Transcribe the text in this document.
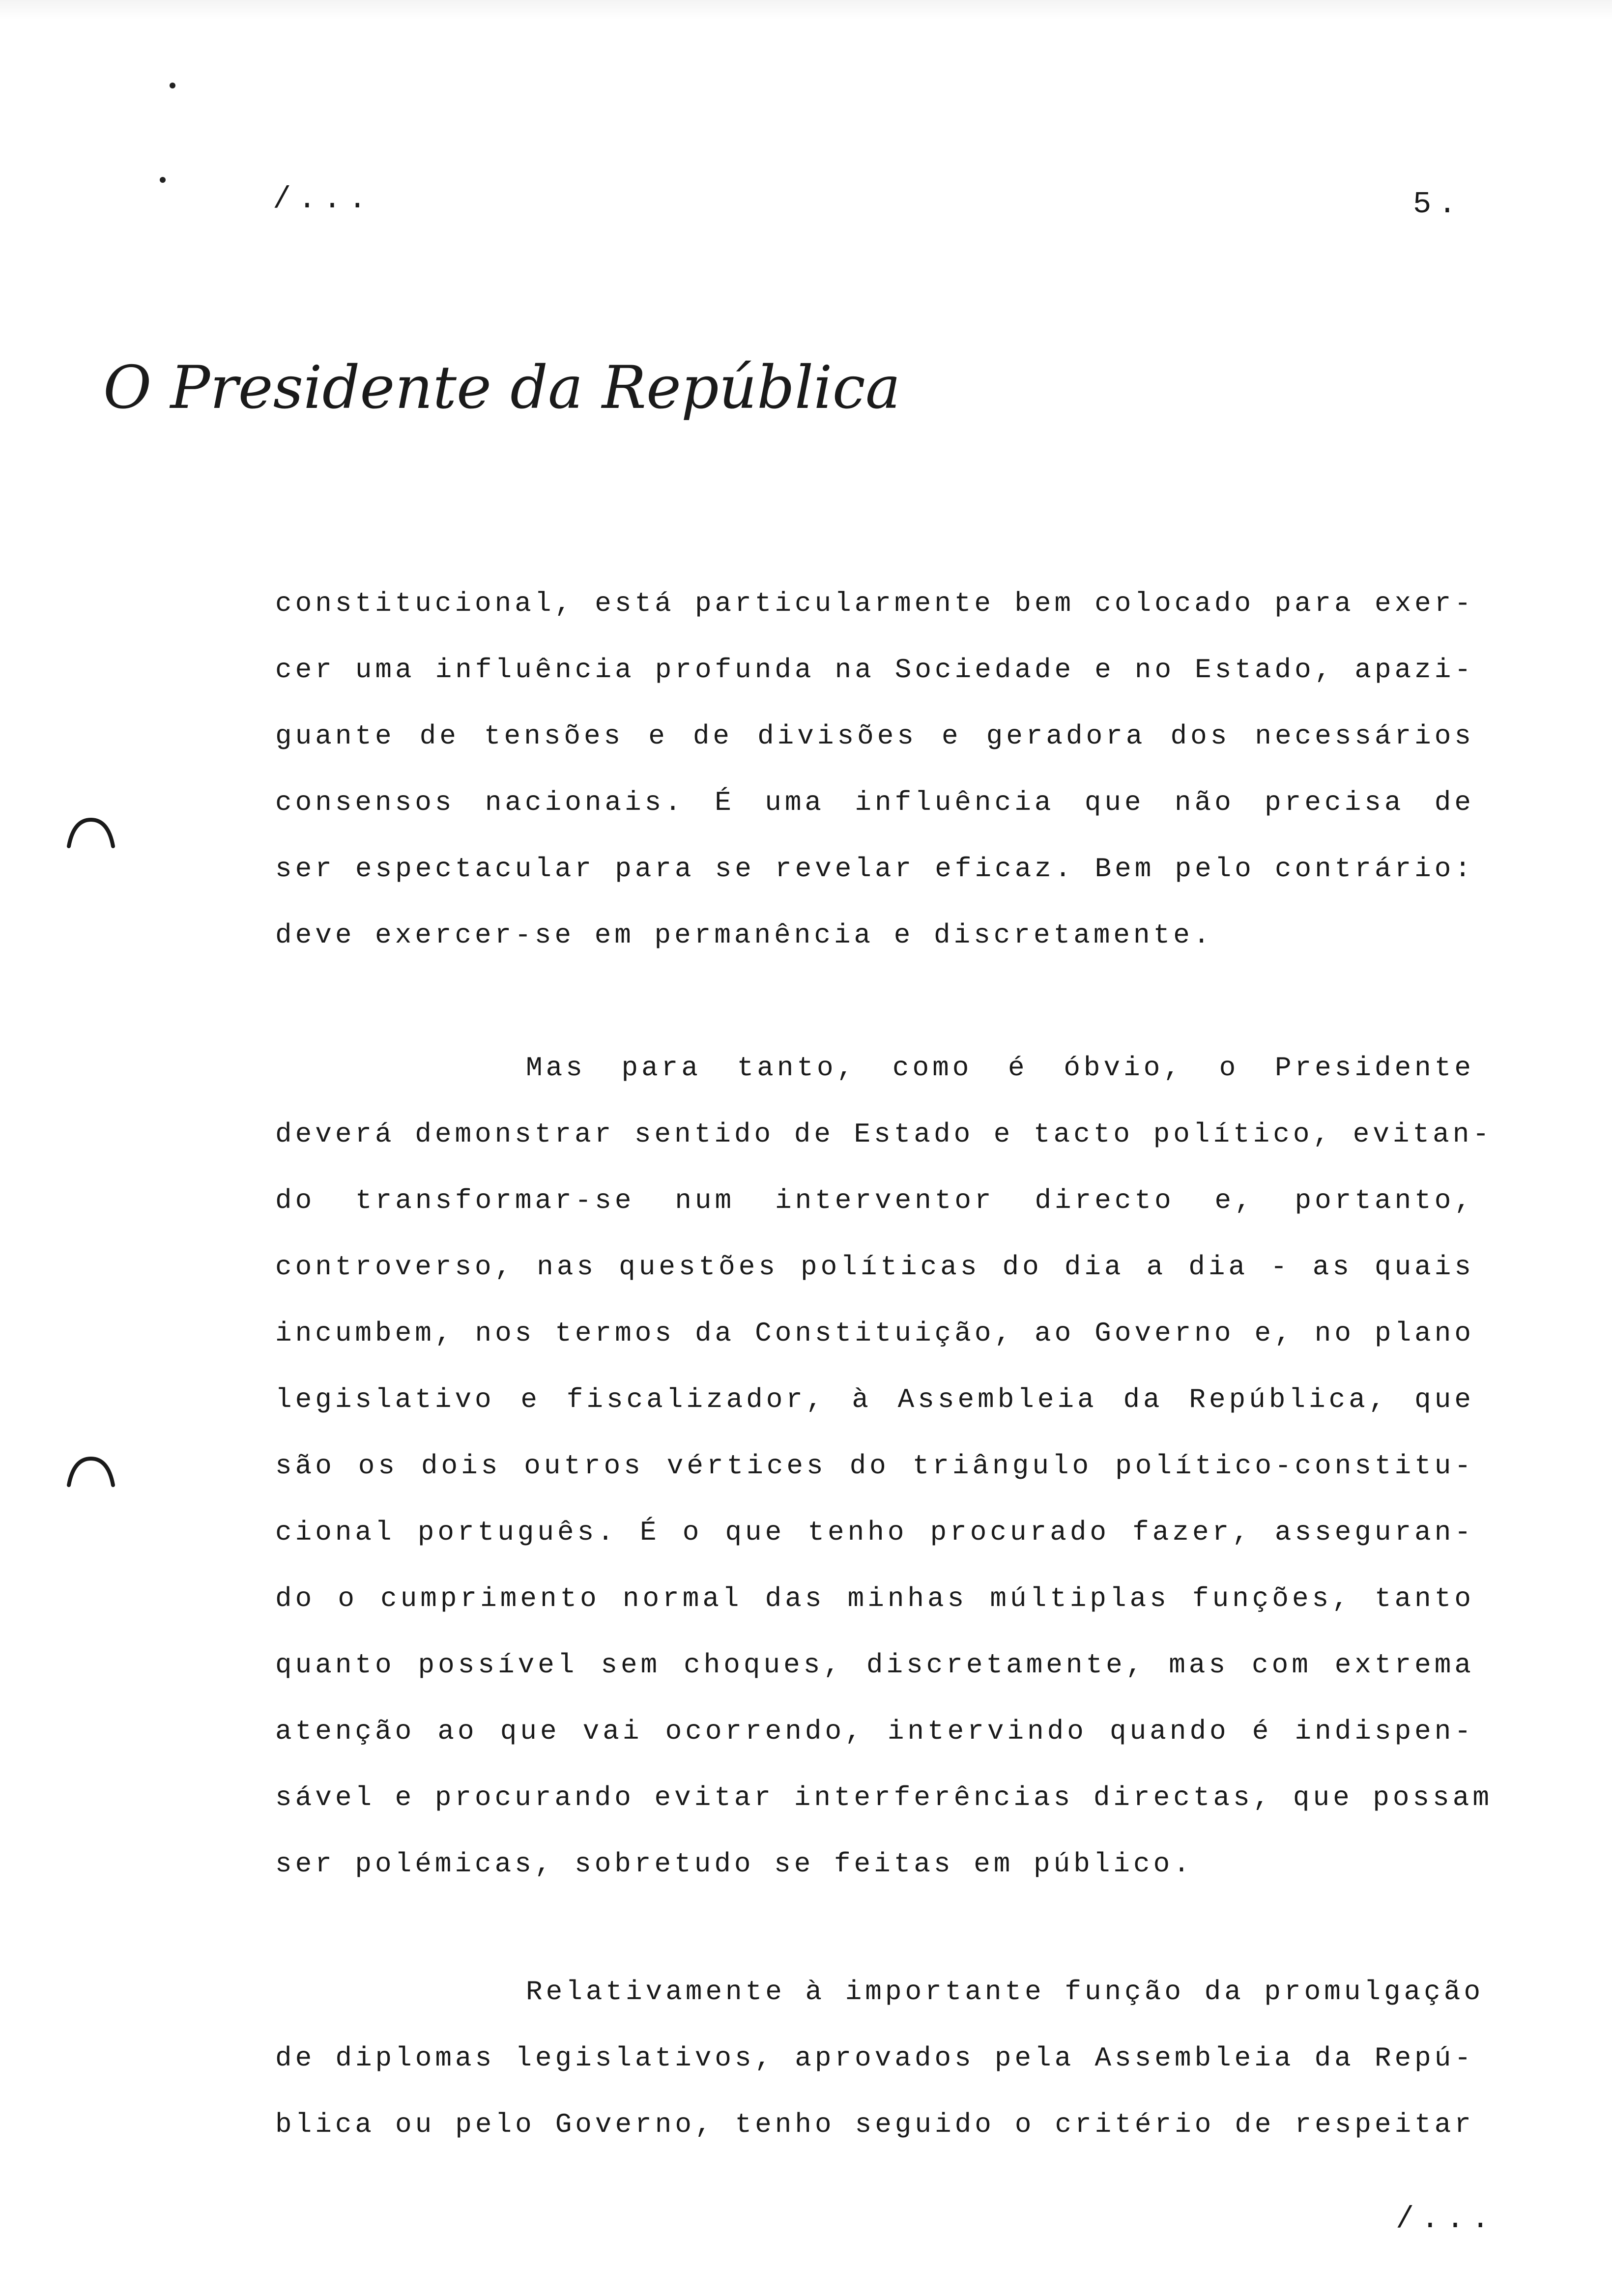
/...	5.
O Presidente da República
constitucional, está particularmente bem colocado para exer-
cer uma influência profunda na Sociedade e no Estado, apazi-
guante de tensões e de divisões e geradora dos necessários
consensos nacionais. É uma influência que não precisa de
ser espectacular para se revelar eficaz. Bem pelo contrário:
deve exercer-se em permanência e discretamente.
Mas para tanto, como é óbvio, o Presidente
deverá demonstrar sentido de Estado e tacto político, evitan-
do transformar-se num interventor directo e, portanto,
controverso, nas questões políticas do dia a dia - as quais
incumbem, nos termos da Constituição, ao Governo e, no plano
legislativo e fiscalizador, à Assembleia da República, que
são os dois outros vértices do triângulo político-constitu-
cional português. É o que tenho procurado fazer, asseguran-
do o cumprimento normal das minhas múltiplas funções, tanto
quanto possível sem choques, discretamente, mas com extrema
atenção ao que vai ocorrendo, intervindo quando é indispen-
sável e procurando evitar interferências directas, que possam
ser polémicas, sobretudo se feitas em público.
Relativamente à importante função da promulgação
de diplomas legislativos, aprovados pela Assembleia da Repú-
blica ou pelo Governo, tenho seguido o critério de respeitar
/...
